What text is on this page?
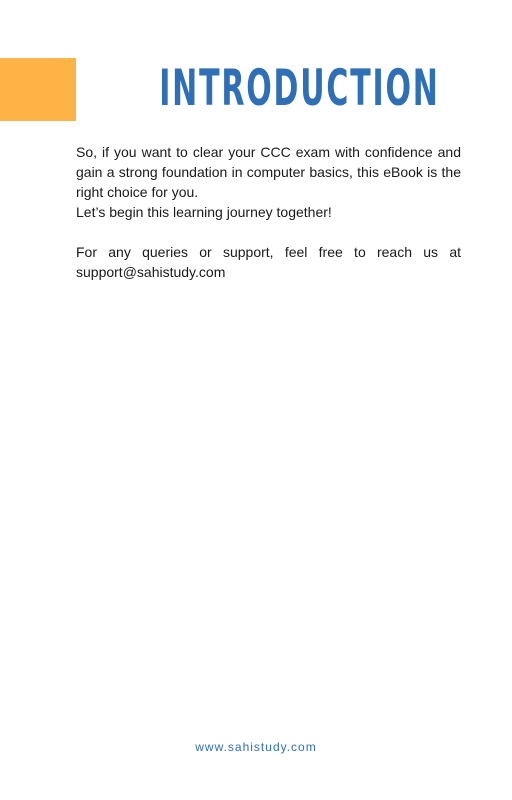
INTRODUCTION

So, if you want to clear your CCC exam with confidence and gain a strong foundation in computer basics, this eBook is the right choice for you.

Let’s begin this learning journey together!

For any queries or support, feel free to reach us at support@sahistudy.com

www.sahistudy.com
